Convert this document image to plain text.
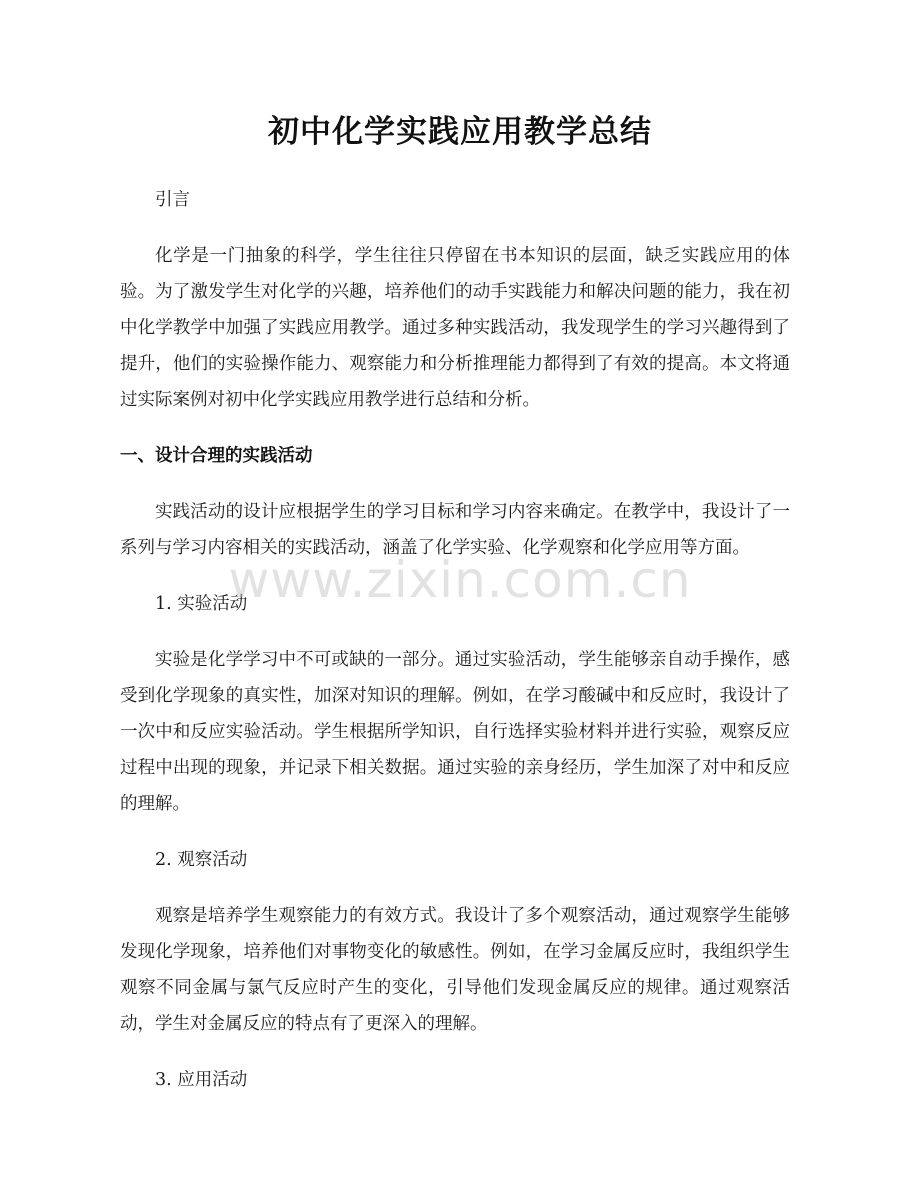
初中化学实践应用教学总结

引言

化学是一门抽象的科学，学生往往只停留在书本知识的层面，缺乏实践应用的体验。为了激发学生对化学的兴趣，培养他们的动手实践能力和解决问题的能力，我在初中化学教学中加强了实践应用教学。通过多种实践活动，我发现学生的学习兴趣得到了提升，他们的实验操作能力、观察能力和分析推理能力都得到了有效的提高。本文将通过实际案例对初中化学实践应用教学进行总结和分析。

一、设计合理的实践活动

实践活动的设计应根据学生的学习目标和学习内容来确定。在教学中，我设计了一系列与学习内容相关的实践活动，涵盖了化学实验、化学观察和化学应用等方面。

1. 实验活动

实验是化学学习中不可或缺的一部分。通过实验活动，学生能够亲自动手操作，感受到化学现象的真实性，加深对知识的理解。例如，在学习酸碱中和反应时，我设计了一次中和反应实验活动。学生根据所学知识，自行选择实验材料并进行实验，观察反应过程中出现的现象，并记录下相关数据。通过实验的亲身经历，学生加深了对中和反应的理解。

2. 观察活动

观察是培养学生观察能力的有效方式。我设计了多个观察活动，通过观察学生能够发现化学现象，培养他们对事物变化的敏感性。例如，在学习金属反应时，我组织学生观察不同金属与氯气反应时产生的变化，引导他们发现金属反应的规律。通过观察活动，学生对金属反应的特点有了更深入的理解。

3. 应用活动

www.zixin.com.cn
